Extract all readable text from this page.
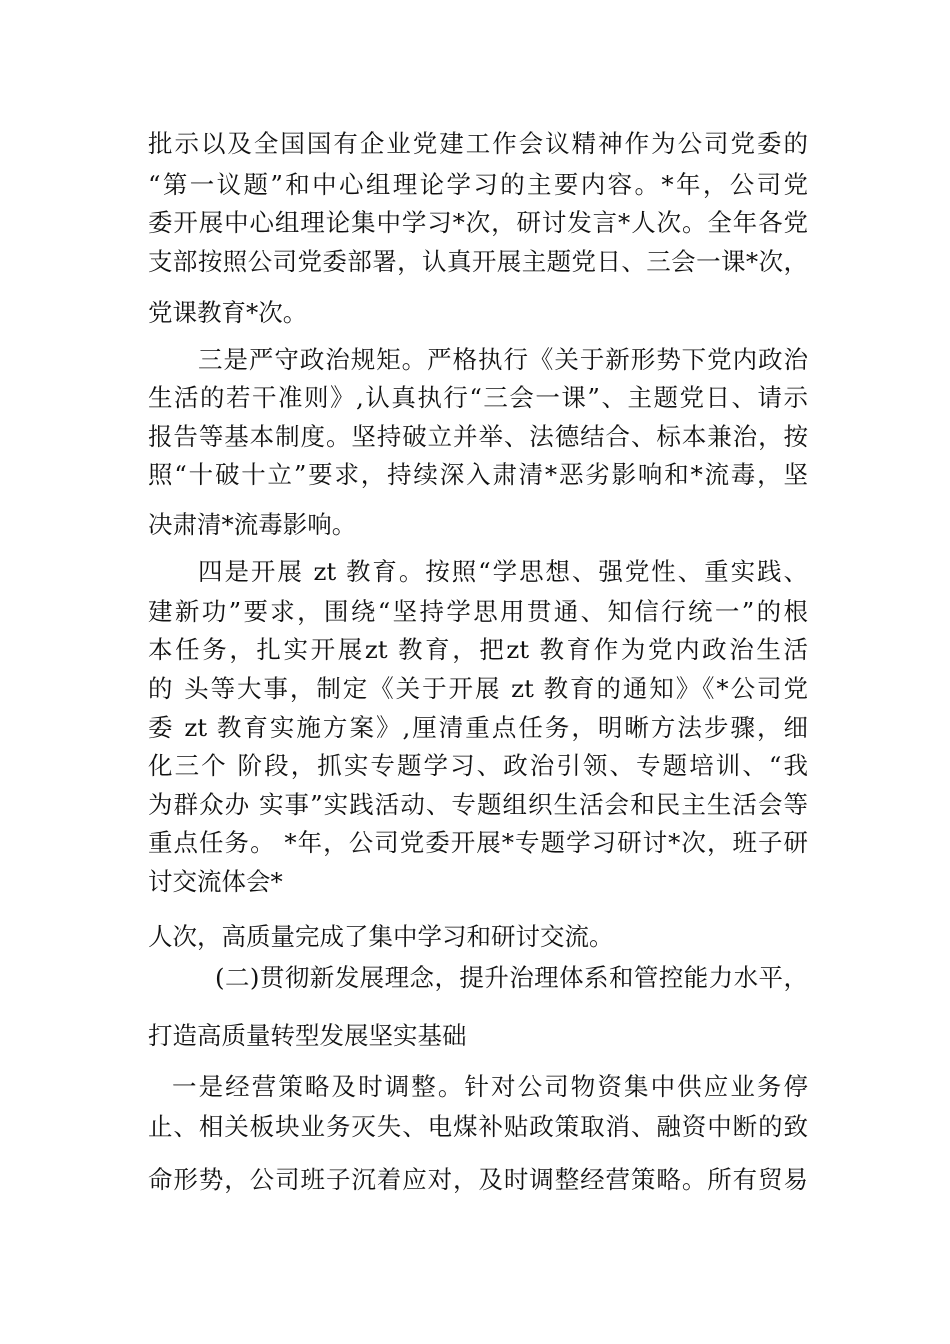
批示以及全国国有企业党建工作会议精神作为公司党委的
“第一议题”和中心组理论学习的主要内容。*年，公司党
委开展中心组理论集中学习*次，研讨发言*人次。全年各党
支部按照公司党委部署，认真开展主题党日、三会一课*次，
党课教育*次。
三是严守政治规矩。严格执行《关于新形势下党内政治
生活的若干准则》,认真执行“三会一课”、主题党日、请示
报告等基本制度。坚持破立并举、法德结合、标本兼治，按
照“十破十立”要求，持续深入肃清*恶劣影响和*流毒，坚
决肃清*流毒影响。
四是开展 zt 教育。按照“学思想、强党性、重实践、
建新功”要求，围绕“坚持学思用贯通、知信行统一”的根
本任务，扎实开展zt 教育，把zt 教育作为党内政治生活
的 头等大事，制定《关于开展 zt 教育的通知》《*公司党
委 zt 教育实施方案》,厘清重点任务，明晰方法步骤，细
化三个 阶段，抓实专题学习、政治引领、专题培训、“我
为群众办 实事”实践活动、专题组织生活会和民主生活会等
重点任务。 *年，公司党委开展*专题学习研讨*次，班子研
讨交流体会*
人次，高质量完成了集中学习和研讨交流。
(二)贯彻新发展理念，提升治理体系和管控能力水平，
打造高质量转型发展坚实基础
一是经营策略及时调整。针对公司物资集中供应业务停
止、相关板块业务灭失、电煤补贴政策取消、融资中断的致
命形势，公司班子沉着应对，及时调整经营策略。所有贸易
